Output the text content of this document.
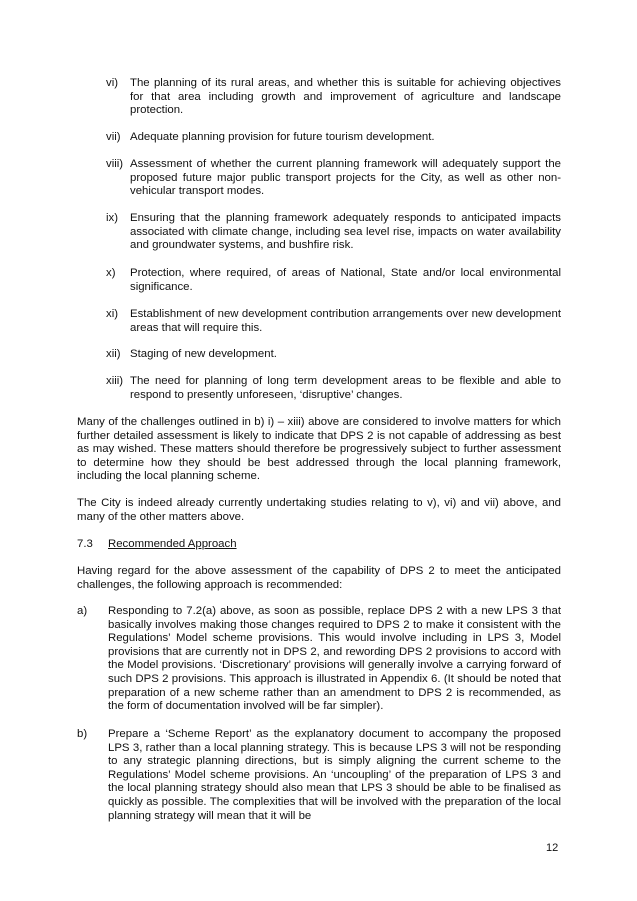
vi) The planning of its rural areas, and whether this is suitable for achieving objectives for that area including growth and improvement of agriculture and landscape protection.
vii) Adequate planning provision for future tourism development.
viii) Assessment of whether the current planning framework will adequately support the proposed future major public transport projects for the City, as well as other non-vehicular transport modes.
ix) Ensuring that the planning framework adequately responds to anticipated impacts associated with climate change, including sea level rise, impacts on water availability and groundwater systems, and bushfire risk.
x) Protection, where required, of areas of National, State and/or local environmental significance.
xi) Establishment of new development contribution arrangements over new development areas that will require this.
xii) Staging of new development.
xiii) The need for planning of long term development areas to be flexible and able to respond to presently unforeseen, ‘disruptive’ changes.
Many of the challenges outlined in b) i) – xiii) above are considered to involve matters for which further detailed assessment is likely to indicate that DPS 2 is not capable of addressing as best as may wished. These matters should therefore be progressively subject to further assessment to determine how they should be best addressed through the local planning framework, including the local planning scheme.
The City is indeed already currently undertaking studies relating to v), vi) and vii) above, and many of the other matters above.
7.3 Recommended Approach
Having regard for the above assessment of the capability of DPS 2 to meet the anticipated challenges, the following approach is recommended:
a) Responding to 7.2(a) above, as soon as possible, replace DPS 2 with a new LPS 3 that basically involves making those changes required to DPS 2 to make it consistent with the Regulations’ Model scheme provisions. This would involve including in LPS 3, Model provisions that are currently not in DPS 2, and rewording DPS 2 provisions to accord with the Model provisions. ‘Discretionary’ provisions will generally involve a carrying forward of such DPS 2 provisions. This approach is illustrated in Appendix 6. (It should be noted that preparation of a new scheme rather than an amendment to DPS 2 is recommended, as the form of documentation involved will be far simpler).
b) Prepare a ‘Scheme Report’ as the explanatory document to accompany the proposed LPS 3, rather than a local planning strategy. This is because LPS 3 will not be responding to any strategic planning directions, but is simply aligning the current scheme to the Regulations’ Model scheme provisions. An ‘uncoupling’ of the preparation of LPS 3 and the local planning strategy should also mean that LPS 3 should be able to be finalised as quickly as possible. The complexities that will be involved with the preparation of the local planning strategy will mean that it will be
12
